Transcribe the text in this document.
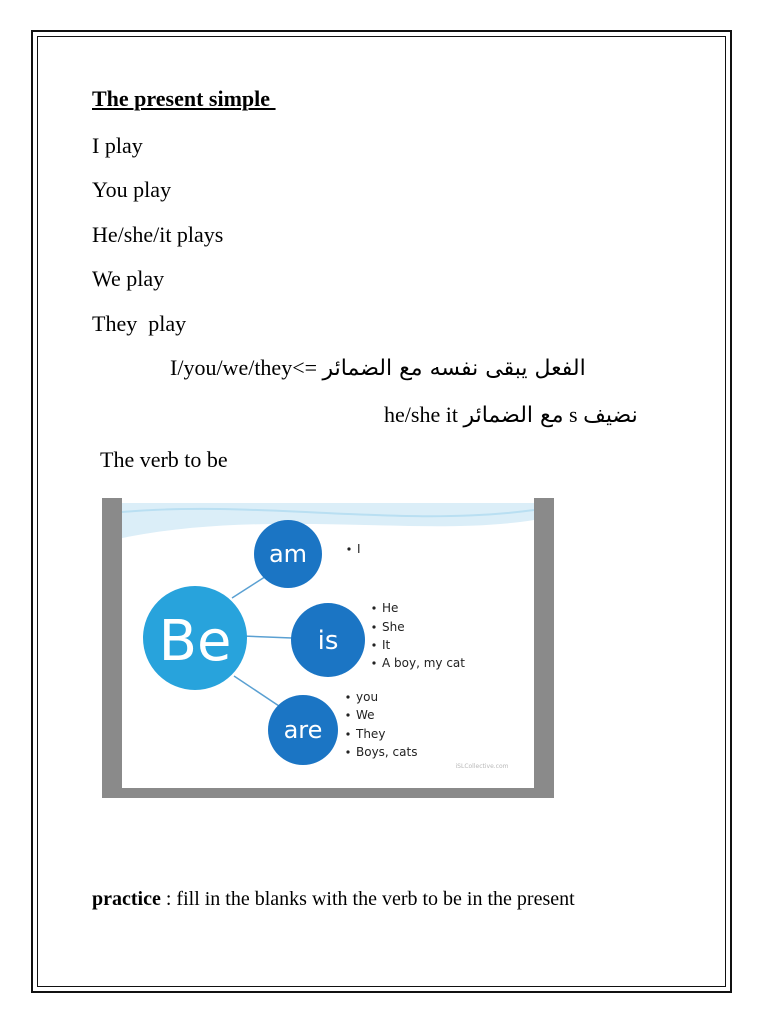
The present simple
I play
You play
He/she/it plays
We play
They  play
I/you/we/they<= الفعل يبقى نفسه مع الضمائر
he/she it مع الضمائر s نضيف
The verb to be
Be
am
is
are
I
He
She
It
A boy, my cat
you
We
They
Boys, cats
iSLCollective.com
practice : fill in the blanks with the verb to be in the present
